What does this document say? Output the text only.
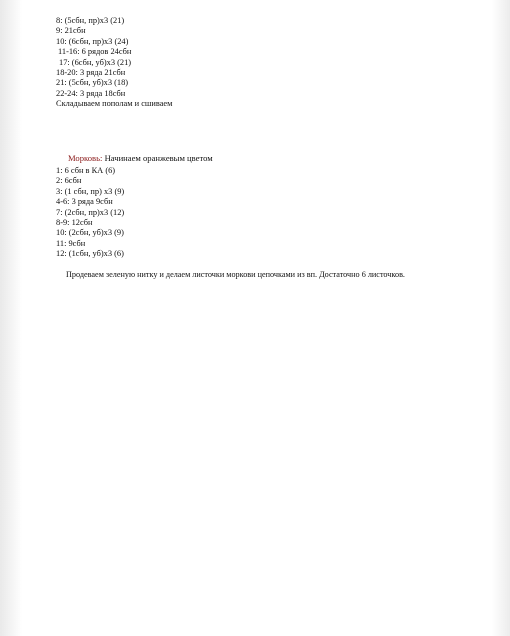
8: (5сбн, пр)х3 (21)
9: 21сбн
10: (6сбн, пр)х3 (24)
11-16: 6 рядов 24сбн
17: (6сбн, уб)х3 (21)
18-20: 3 ряда 21сбн
21: (5сбн, уб)х3 (18)
22-24: 3 ряда 18сбн
Складываем пополам и сшиваем
Морковь: Начинаем оранжевым цветом
1: 6 сбн в КА (6)
2: 6сбн
3: (1 сбн, пр) х3 (9)
4-6: 3 ряда 9сбн
7: (2сбн, пр)х3 (12)
8-9: 12сбн
10: (2сбн, уб)х3 (9)
11: 9сбн
12: (1сбн, уб)х3 (6)
Продеваем зеленую нитку и делаем листочки моркови цепочками из вп. Достаточно 6 листочков.
